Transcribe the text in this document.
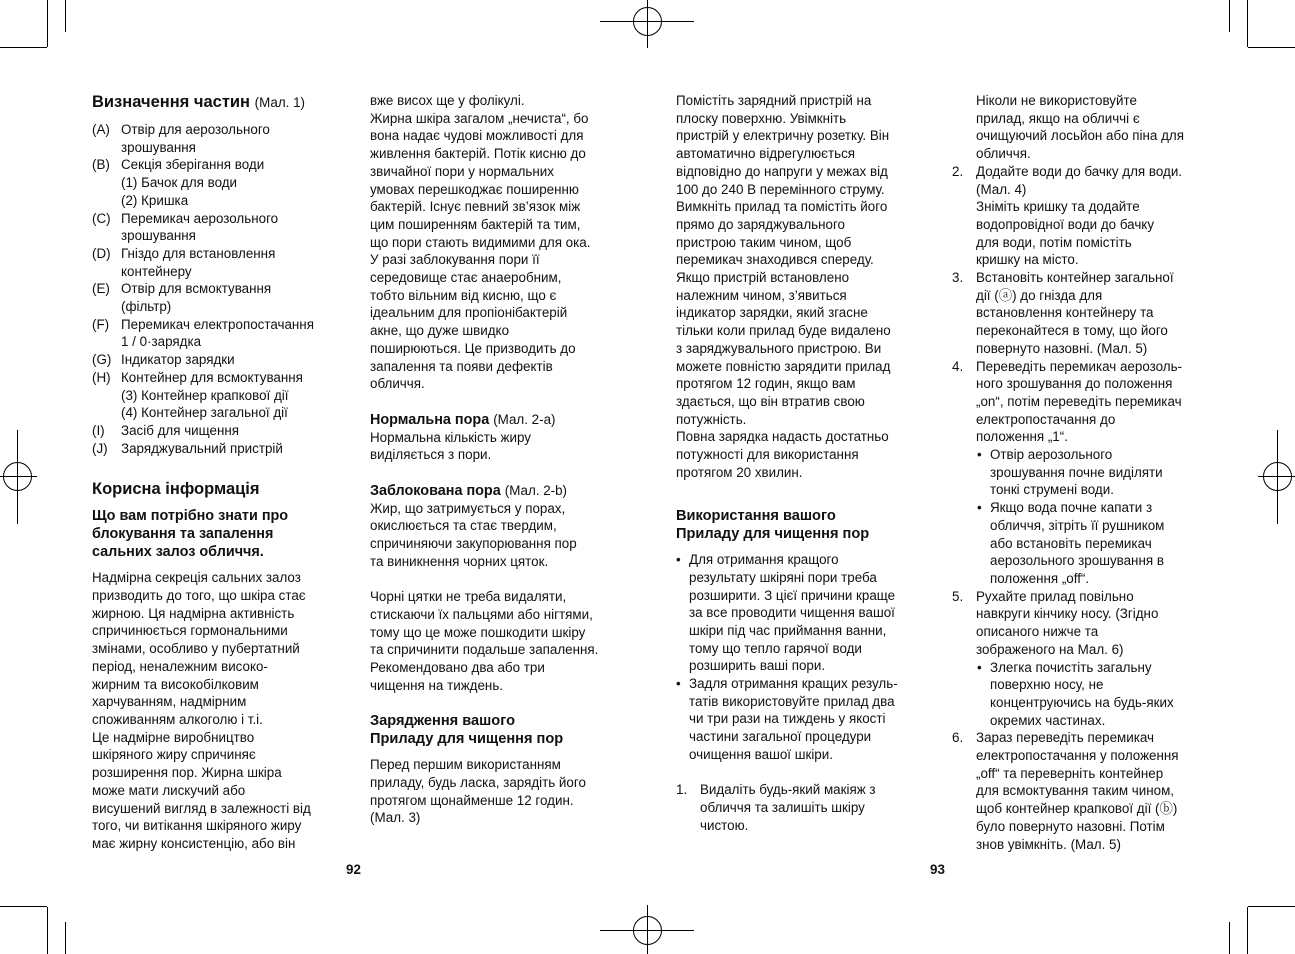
Визначення частин (Мал. 1)
(A) Отвір для аерозольного
зрошування
(B) Секція зберігання води
(1) Бачок для води
(2) Кришка
(C) Перемикач аерозольного
зрошування
(D) Гніздо для встановлення
контейнеру
(E) Отвір для всмоктування
(фільтр)
(F) Перемикач електропостачання
1 / 0·зарядка
(G) Індикатор зарядки
(H) Контейнер для всмоктування
(3) Контейнер крапкової дії
(4) Контейнер загальної дії
(I) Засіб для чищення
(J) Заряджувальний пристрій
Корисна інформація
Що вам потрібно знати про
блокування та запалення
сальних залоз обличчя.
Надмірна секреція сальних залоз
призводить до того, що шкіра стає
жирною. Ця надмірна активність
спричинюється гормональними
змінами, особливо у пубертатний
період, неналежним високо-
жирним та високобілковим
харчуванням, надмірним
споживанням алкоголю і т.і.
Це надмірне виробництво
шкіряного жиру спричиняє
розширення пор. Жирна шкіра
може мати лискучий або
висушений вигляд в залежності від
того, чи витікання шкіряного жиру
має жирну консистенцію, або він
вже висох ще у фолікулі.
Жирна шкіра загалом „нечиста“, бо
вона надає чудові можливості для
живлення бактерій. Потік кисню до
звичайної пори у нормальних
умовах перешкоджає поширенню
бактерій. Існує певний зв’язок між
цим поширенням бактерій та тим,
що пори стають видимими для ока.
У разі заблокування пори її
середовище стає анаеробним,
тобто вільним від кисню, що є
ідеальним для пропіонібактерій
акне, що дуже швидко
поширюються. Це призводить до
запалення та появи дефектів
обличчя.
Нормальна пора (Мал. 2-a)
Нормальна кількість жиру
виділяється з пори.
Заблокована пора (Мал. 2-b)
Жир, що затримується у порах,
окислюється та стає твердим,
спричиняючи закупорювання пор
та виникнення чорних цяток.
Чорні цятки не треба видаляти,
стискаючи їх пальцями або нігтями,
тому що це може пошкодити шкіру
та спричинити подальше запалення.
Рекомендовано два або три
чищення на тиждень.
Зарядження вашого
Приладу для чищення пор
Перед першим використанням
приладу, будь ласка, зарядіть його
протягом щонайменше 12 годин.
(Мал. 3)
Помістіть зарядний пристрій на
плоску поверхню. Увімкніть
пристрій у електричну розетку. Він
автоматично відрегулюється
відповідно до напруги у межах від
100 до 240 В перемінного струму.
Вимкніть прилад та помістіть його
прямо до заряджувального
пристрою таким чином, щоб
перемикач знаходився спереду.
Якщо пристрій встановлено
належним чином, з’явиться
індикатор зарядки, який згасне
тільки коли прилад буде видалено
з заряджувального пристрою. Ви
можете повністю зарядити прилад
протягом 12 годин, якщо вам
здається, що він втратив свою
потужність.
Повна зарядка надасть достатньо
потужності для використання
протягом 20 хвилин.
Використання вашого
Приладу для чищення пор
• Для отримання кращого
результату шкіряні пори треба
розширити. З цієї причини краще
за все проводити чищення вашої
шкіри під час приймання ванни,
тому що тепло гарячої води
розширить ваші пори.
• Задля отримання кращих резуль-
татів використовуйте прилад два
чи три рази на тиждень у якості
частини загальної процедури
очищення вашої шкіри.
1. Видаліть будь-який макіяж з
обличчя та залишіть шкіру
чистою.
Ніколи не використовуйте
прилад, якщо на обличчі є
очищуючий лосьйон або піна для
обличчя.
2. Додайте води до бачку для води.
(Мал. 4)
Зніміть кришку та додайте
водопровідної води до бачку
для води, потім помістіть
кришку на місто.
3. Встановіть контейнер загальної
дії (ⓐ) до гнізда для
встановлення контейнеру та
переконайтеся в тому, що його
повернуто назовні. (Мал. 5)
4. Переведіть перемикач аерозоль-
ного зрошування до положення
„on“, потім переведіть перемикач
електропостачання до
положення „1“.
• Отвір аерозольного
зрошування почне виділяти
тонкі струмені води.
• Якщо вода почне капати з
обличчя, зітріть її рушником
або встановіть перемикач
аерозольного зрошування в
положення „off“.
5. Рухайте прилад повільно
навкруги кінчику носу. (Згідно
описаного нижче та
зображеного на Мал. 6)
• Злегка почистіть загальну
поверхню носу, не
концентруючись на будь-яких
окремих частинах.
6. Зараз переведіть перемикач
електропостачання у положення
„off“ та переверніть контейнер
для всмоктування таким чином,
щоб контейнер крапкової дії (ⓑ)
було повернуто назовні. Потім
знов увімкніть. (Мал. 5)
92	93
